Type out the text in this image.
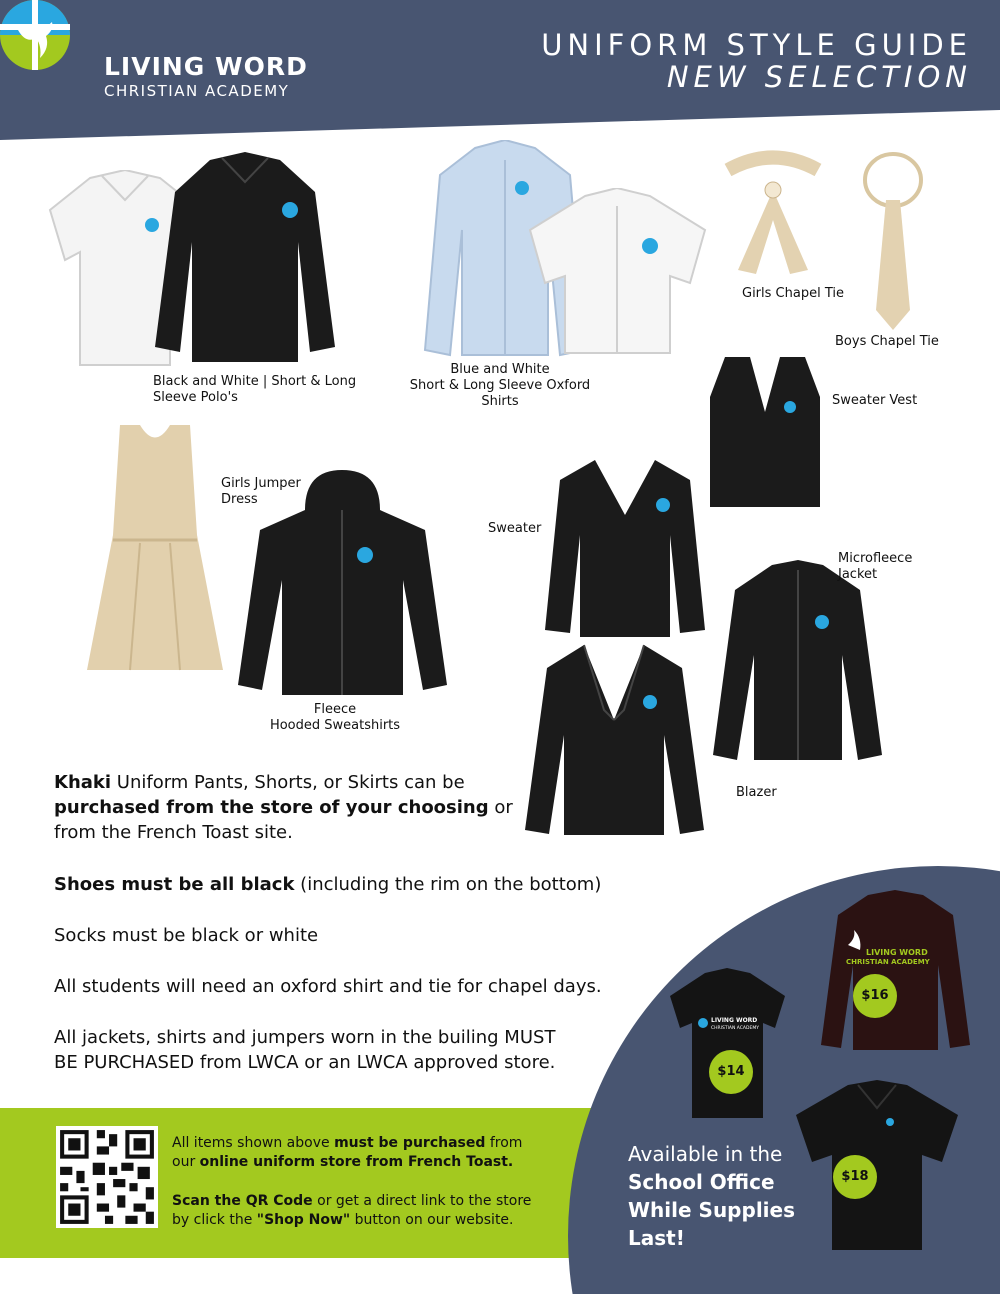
LIVING WORD
CHRISTIAN ACADEMY
UNIFORM STYLE GUIDE
NEW SELECTION
Black and White | Short & Long
Sleeve Polo's
Blue and White
Short & Long Sleeve Oxford Shirts
Girls Chapel Tie
Boys Chapel Tie
Sweater Vest
Girls Jumper
Dress
Fleece
Hooded Sweatshirts
Sweater
Microfleece
Jacket
Blazer
Khaki Uniform Pants, Shorts, or Skirts can be
purchased from the store of your choosing or
from the French Toast site.
Shoes must be all black (including the rim on the bottom)
Socks must be black or white
All students will need an oxford shirt and tie for chapel days.
All jackets, shirts and jumpers worn in the builing MUST
BE PURCHASED from LWCA or an LWCA approved store.
All items shown above must be purchased from
our online uniform store from French Toast.
Scan the QR Code or get a direct link to the store
by click the "Shop Now" button on our website.
LIVING WORD
CHRISTIAN ACADEMY
$16
LIVING WORD
CHRISTIAN ACADEMY
$14
$18
Available in the
School Office
While Supplies
Last!
